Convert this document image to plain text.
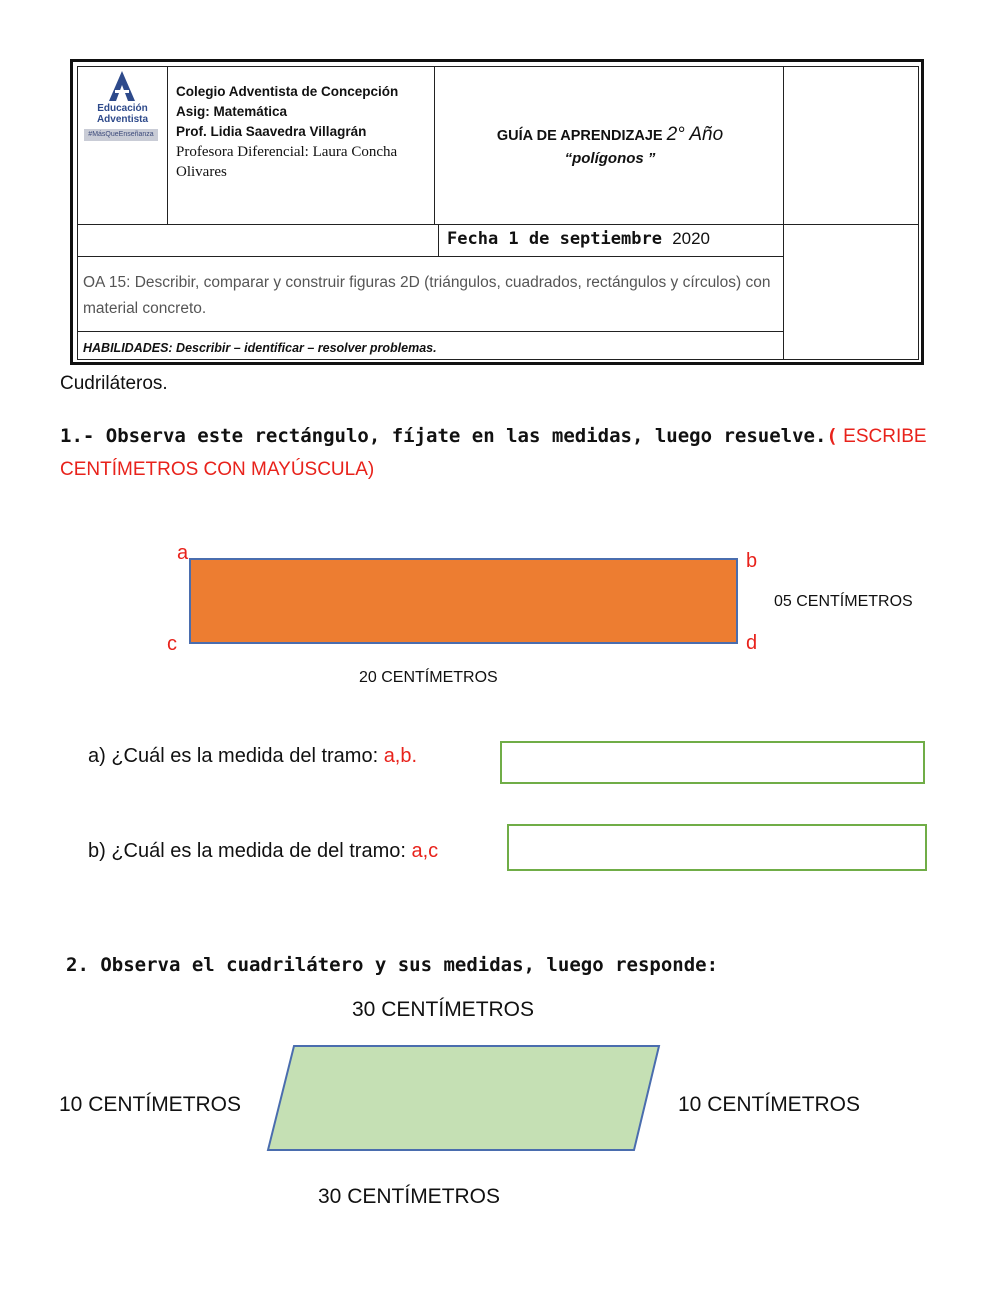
Educación
Adventista
#MásQueEnseñanza
Colegio Adventista de Concepción
Asig: Matemática
Prof. Lidia Saavedra Villagrán
Profesora Diferencial: Laura Concha Olivares
GUÍA DE APRENDIZAJE 2° Año
“polígonos ”
Fecha 1 de septiembre 2020
OA 15: Describir, comparar y construir figuras 2D (triángulos, cuadrados, rectángulos y círculos) con material concreto.
HABILIDADES: Describir – identificar – resolver problemas.
Cudriláteros.
1.- Observa este rectángulo, fíjate en las medidas, luego resuelve.( ESCRIBE CENTÍMETROS CON MAYÚSCULA)
a	b
c	d
05 CENTÍMETROS
20 CENTÍMETROS
a) ¿Cuál es la medida del tramo: a,b.
b) ¿Cuál es la medida de del tramo: a,c
2. Observa el cuadrilátero y sus medidas, luego responde:
30 CENTÍMETROS
10 CENTÍMETROS	10 CENTÍMETROS
30 CENTÍMETROS
